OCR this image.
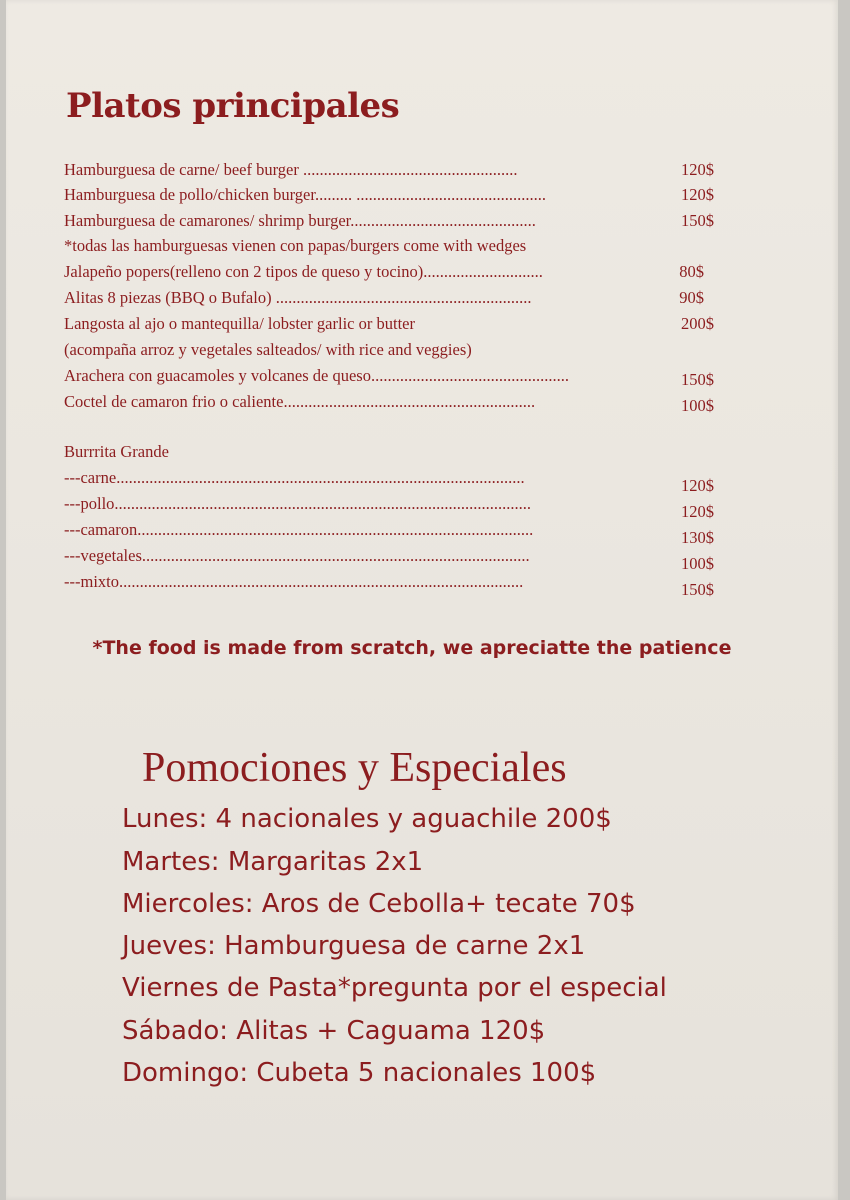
Platos principales
Hamburguesa de carne/ beef burger ....................................................	120$
Hamburguesa de pollo/chicken burger......... ..............................................	120$
Hamburguesa de camarones/ shrimp burger.............................................	150$
*todas las hamburguesas vienen con papas/burgers come with wedges
Jalapeño popers(relleno con 2 tipos de queso y tocino).............................	80$
Alitas 8 piezas (BBQ o Bufalo) ..............................................................	90$
Langosta al ajo o mantequilla/ lobster garlic or butter	200$
(acompaña arroz y vegetales salteados/ with rice and veggies)
Arachera con guacamoles y volcanes de queso................................................	150$
Coctel de camaron frio o caliente.............................................................	100$
Burrrita Grande
---carne...................................................................................................	120$
---pollo.....................................................................................................	120$
---camaron................................................................................................	130$
---vegetales..............................................................................................	100$
---mixto..................................................................................................	150$
*The food is made from scratch, we apreciatte the patience
Pomociones y Especiales
Lunes: 4 nacionales y aguachile 200$
Martes: Margaritas 2x1
Miercoles: Aros de Cebolla+ tecate 70$
Jueves: Hamburguesa de carne 2x1
Viernes de Pasta*pregunta por el especial
Sábado: Alitas + Caguama 120$
Domingo: Cubeta 5 nacionales 100$
